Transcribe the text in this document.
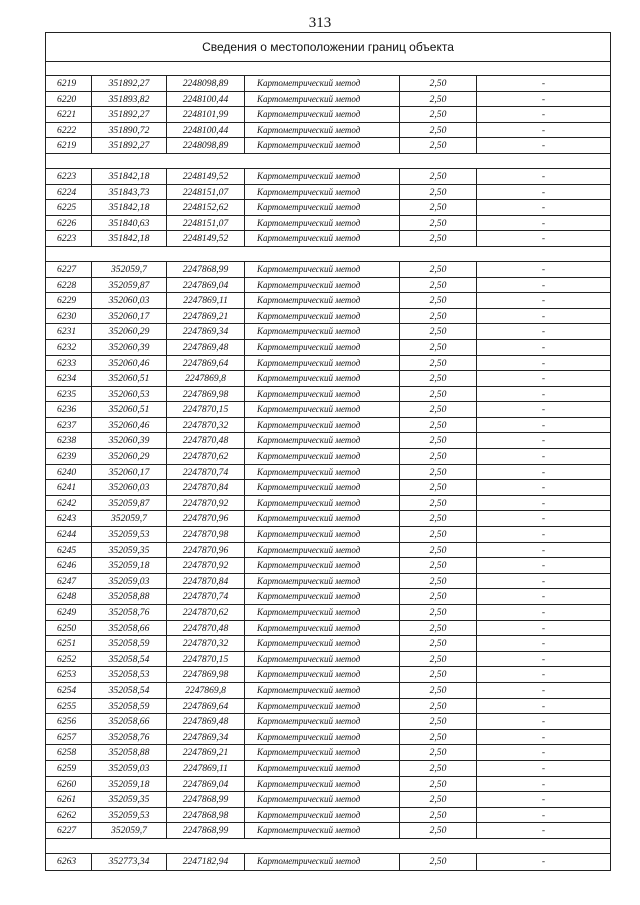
313
Сведения о местоположении границ объекта
6219	351892,27	2248098,89	Картометрический метод	2,50	-
6220	351893,82	2248100,44	Картометрический метод	2,50	-
6221	351892,27	2248101,99	Картометрический метод	2,50	-
6222	351890,72	2248100,44	Картометрический метод	2,50	-
6219	351892,27	2248098,89	Картометрический метод	2,50	-
6223	351842,18	2248149,52	Картометрический метод	2,50	-
6224	351843,73	2248151,07	Картометрический метод	2,50	-
6225	351842,18	2248152,62	Картометрический метод	2,50	-
6226	351840,63	2248151,07	Картометрический метод	2,50	-
6223	351842,18	2248149,52	Картометрический метод	2,50	-
6227	352059,7	2247868,99	Картометрический метод	2,50	-
6228	352059,87	2247869,04	Картометрический метод	2,50	-
6229	352060,03	2247869,11	Картометрический метод	2,50	-
6230	352060,17	2247869,21	Картометрический метод	2,50	-
6231	352060,29	2247869,34	Картометрический метод	2,50	-
6232	352060,39	2247869,48	Картометрический метод	2,50	-
6233	352060,46	2247869,64	Картометрический метод	2,50	-
6234	352060,51	2247869,8	Картометрический метод	2,50	-
6235	352060,53	2247869,98	Картометрический метод	2,50	-
6236	352060,51	2247870,15	Картометрический метод	2,50	-
6237	352060,46	2247870,32	Картометрический метод	2,50	-
6238	352060,39	2247870,48	Картометрический метод	2,50	-
6239	352060,29	2247870,62	Картометрический метод	2,50	-
6240	352060,17	2247870,74	Картометрический метод	2,50	-
6241	352060,03	2247870,84	Картометрический метод	2,50	-
6242	352059,87	2247870,92	Картометрический метод	2,50	-
6243	352059,7	2247870,96	Картометрический метод	2,50	-
6244	352059,53	2247870,98	Картометрический метод	2,50	-
6245	352059,35	2247870,96	Картометрический метод	2,50	-
6246	352059,18	2247870,92	Картометрический метод	2,50	-
6247	352059,03	2247870,84	Картометрический метод	2,50	-
6248	352058,88	2247870,74	Картометрический метод	2,50	-
6249	352058,76	2247870,62	Картометрический метод	2,50	-
6250	352058,66	2247870,48	Картометрический метод	2,50	-
6251	352058,59	2247870,32	Картометрический метод	2,50	-
6252	352058,54	2247870,15	Картометрический метод	2,50	-
6253	352058,53	2247869,98	Картометрический метод	2,50	-
6254	352058,54	2247869,8	Картометрический метод	2,50	-
6255	352058,59	2247869,64	Картометрический метод	2,50	-
6256	352058,66	2247869,48	Картометрический метод	2,50	-
6257	352058,76	2247869,34	Картометрический метод	2,50	-
6258	352058,88	2247869,21	Картометрический метод	2,50	-
6259	352059,03	2247869,11	Картометрический метод	2,50	-
6260	352059,18	2247869,04	Картометрический метод	2,50	-
6261	352059,35	2247868,99	Картометрический метод	2,50	-
6262	352059,53	2247868,98	Картометрический метод	2,50	-
6227	352059,7	2247868,99	Картометрический метод	2,50	-
6263	352773,34	2247182,94	Картометрический метод	2,50	-
